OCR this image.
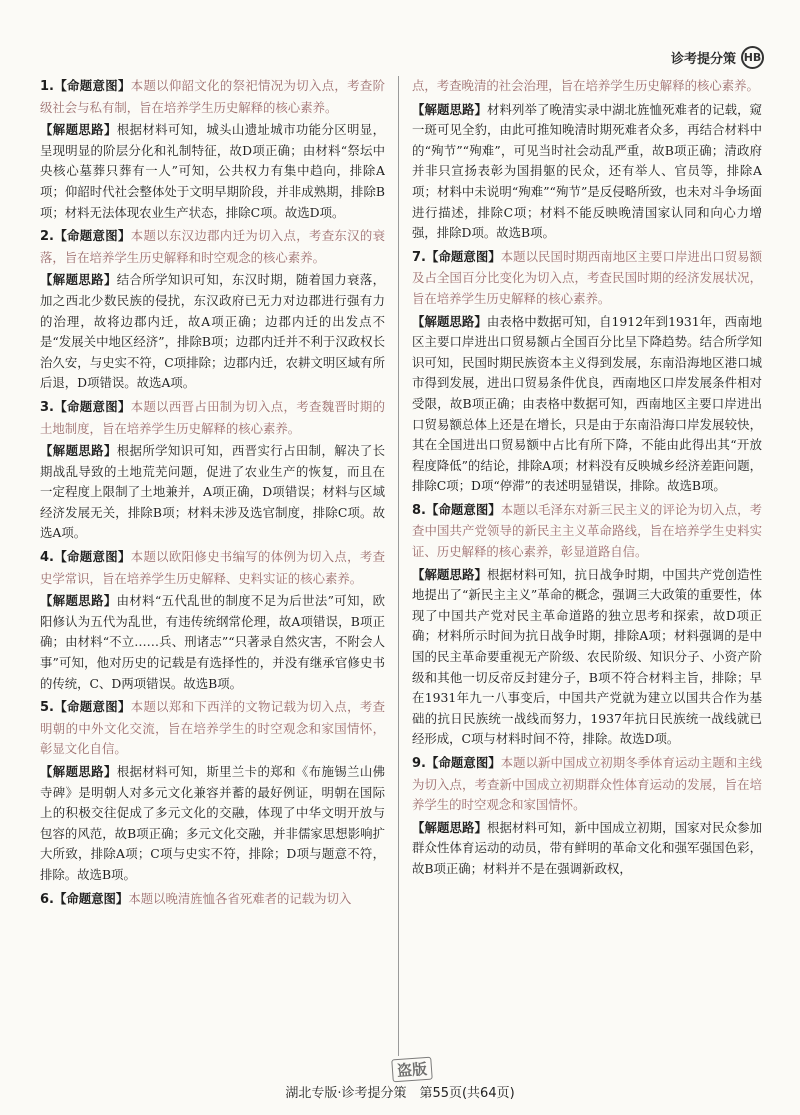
诊考提分策 HB
1.【命题意图】本题以仰韶文化的祭祀情况为切入点，考查阶级社会与私有制，旨在培养学生历史解释的核心素养。
【解题思路】根据材料可知，城头山遗址城市功能分区明显，呈现明显的阶层分化和礼制特征，故D项正确；由材料“祭坛中央核心墓葬只葬有一人”可知，公共权力有集中趋向，排除A项；仰韶时代社会整体处于文明早期阶段，并非成熟期，排除B项；材料无法体现农业生产状态，排除C项。故选D项。
2.【命题意图】本题以东汉边郡内迁为切入点，考查东汉的衰落，旨在培养学生历史解释和时空观念的核心素养。
【解题思路】结合所学知识可知，东汉时期，随着国力衰落，加之西北少数民族的侵扰，东汉政府已无力对边郡进行强有力的治理，故将边郡内迁，故A项正确；边郡内迁的出发点不是“发展关中地区经济”，排除B项；边郡内迁并不利于汉政权长治久安，与史实不符，C项排除；边郡内迁，农耕文明区域有所后退，D项错误。故选A项。
3.【命题意图】本题以西晋占田制为切入点，考查魏晋时期的土地制度，旨在培养学生历史解释的核心素养。
【解题思路】根据所学知识可知，西晋实行占田制，解决了长期战乱导致的土地荒芜问题，促进了农业生产的恢复，而且在一定程度上限制了土地兼并，A项正确，D项错误；材料与区域经济发展无关，排除B项；材料未涉及选官制度，排除C项。故选A项。
4.【命题意图】本题以欧阳修史书编写的体例为切入点，考查史学常识，旨在培养学生历史解释、史料实证的核心素养。
【解题思路】由材料“五代乱世的制度不足为后世法”可知，欧阳修认为五代为乱世，有违传统纲常伦理，故A项错误，B项正确；由材料“不立……兵、刑诸志”“只著录自然灾害，不附会人事”可知，他对历史的记载是有选择性的，并没有继承官修史书的传统，C、D两项错误。故选B项。
5.【命题意图】本题以郑和下西洋的文物记载为切入点，考查明朝的中外文化交流，旨在培养学生的时空观念和家国情怀，彰显文化自信。
【解题思路】根据材料可知，斯里兰卡的郑和《布施锡兰山佛寺碑》是明朝人对多元文化兼容并蓄的最好例证，明朝在国际上的积极交往促成了多元文化的交融，体现了中华文明开放与包容的风范，故B项正确；多元文化交融，并非儒家思想影响扩大所致，排除A项；C项与史实不符，排除；D项与题意不符，排除。故选B项。
6.【命题意图】本题以晚清旌恤各省死难者的记载为切入
点，考查晚清的社会治理，旨在培养学生历史解释的核心素养。
【解题思路】材料列举了晚清实录中湖北旌恤死难者的记载，窥一斑可见全豹，由此可推知晚清时期死难者众多，再结合材料中的“殉节”“殉难”，可见当时社会动乱严重，故B项正确；清政府并非只宣扬表彰为国捐躯的民众，还有举人、官员等，排除A项；材料中未说明“殉难”“殉节”是反侵略所致，也未对斗争场面进行描述，排除C项；材料不能反映晚清国家认同和向心力增强，排除D项。故选B项。
7.【命题意图】本题以民国时期西南地区主要口岸进出口贸易额及占全国百分比变化为切入点，考查民国时期的经济发展状况，旨在培养学生历史解释的核心素养。
【解题思路】由表格中数据可知，自1912年到1931年，西南地区主要口岸进出口贸易额占全国百分比呈下降趋势。结合所学知识可知，民国时期民族资本主义得到发展，东南沿海地区港口城市得到发展，进出口贸易条件优良，西南地区口岸发展条件相对受限，故B项正确；由表格中数据可知，西南地区主要口岸进出口贸易额总体上还是在增长，只是由于东南沿海口岸发展较快，其在全国进出口贸易额中占比有所下降，不能由此得出其“开放程度降低”的结论，排除A项；材料没有反映城乡经济差距问题，排除C项；D项“停滞”的表述明显错误，排除。故选B项。
8.【命题意图】本题以毛泽东对新三民主义的评论为切入点，考查中国共产党领导的新民主主义革命路线，旨在培养学生史料实证、历史解释的核心素养，彰显道路自信。
【解题思路】根据材料可知，抗日战争时期，中国共产党创造性地提出了“新民主主义”革命的概念，强调三大政策的重要性，体现了中国共产党对民主革命道路的独立思考和探索，故D项正确；材料所示时间为抗日战争时期，排除A项；材料强调的是中国的民主革命要重视无产阶级、农民阶级、知识分子、小资产阶级和其他一切反帝反封建分子，B项不符合材料主旨，排除；早在1931年九一八事变后，中国共产党就为建立以国共合作为基础的抗日民族统一战线而努力，1937年抗日民族统一战线就已经形成，C项与材料时间不符，排除。故选D项。
9.【命题意图】本题以新中国成立初期冬季体育运动主题和主线为切入点，考查新中国成立初期群众性体育运动的发展，旨在培养学生的时空观念和家国情怀。
【解题思路】根据材料可知，新中国成立初期，国家对民众参加群众性体育运动的动员，带有鲜明的革命文化和强军强国色彩，故B项正确；材料并不是在强调新政权，
盗版
湖北专版·诊考提分策　第55页(共64页)
